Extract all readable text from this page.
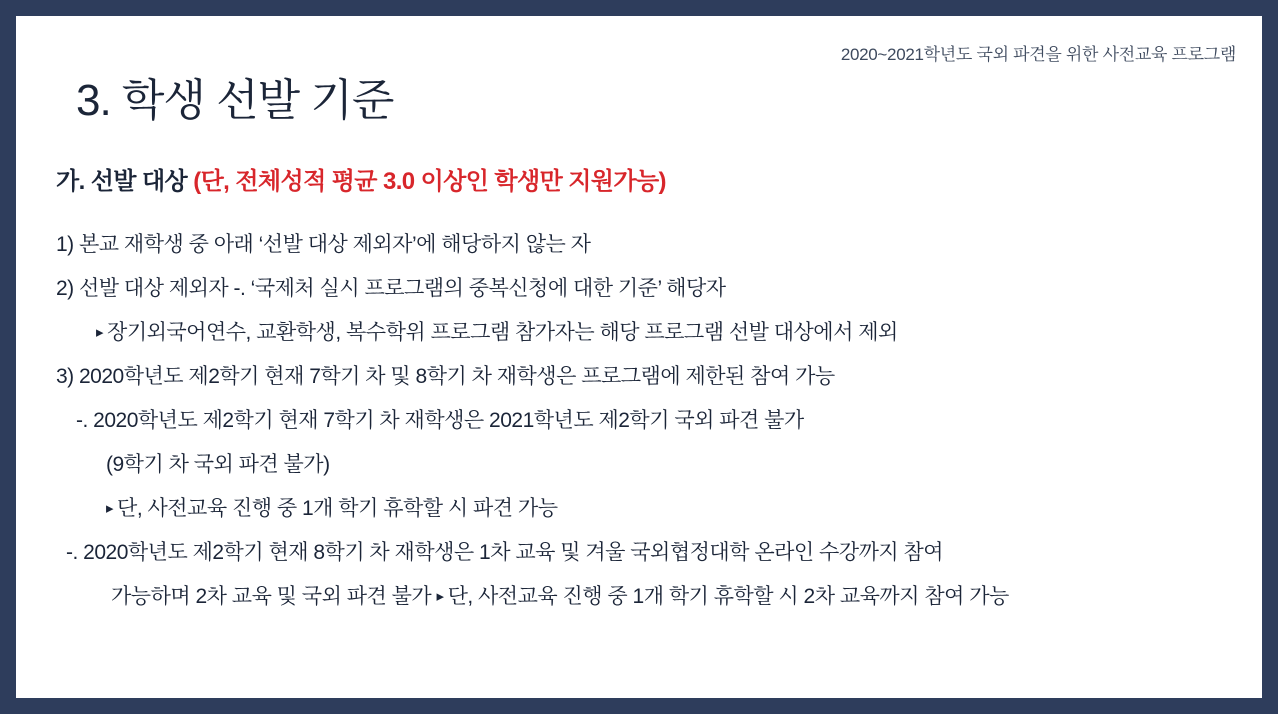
2020~2021학년도 국외 파견을 위한 사전교육 프로그램
3. 학생 선발 기준
가. 선발 대상 (단, 전체성적 평균 3.0 이상인 학생만 지원가능)
1) 본교 재학생 중 아래 ‘선발 대상 제외자’에 해당하지 않는 자
2) 선발 대상 제외자 -. ‘국제처 실시 프로그램의 중복신청에 대한 기준’ 해당자
▸ 장기외국어연수, 교환학생, 복수학위 프로그램 참가자는 해당 프로그램 선발 대상에서 제외
3) 2020학년도 제2학기 현재 7학기 차 및 8학기 차 재학생은 프로그램에 제한된 참여 가능
-. 2020학년도 제2학기 현재 7학기 차 재학생은 2021학년도 제2학기 국외 파견 불가
(9학기 차 국외 파견 불가)
▸ 단, 사전교육 진행 중 1개 학기 휴학할 시 파견 가능
-. 2020학년도 제2학기 현재 8학기 차 재학생은 1차 교육 및 겨울 국외협정대학 온라인 수강까지 참여
가능하며 2차 교육 및 국외 파견 불가 ▸ 단, 사전교육 진행 중 1개 학기 휴학할 시 2차 교육까지 참여 가능
